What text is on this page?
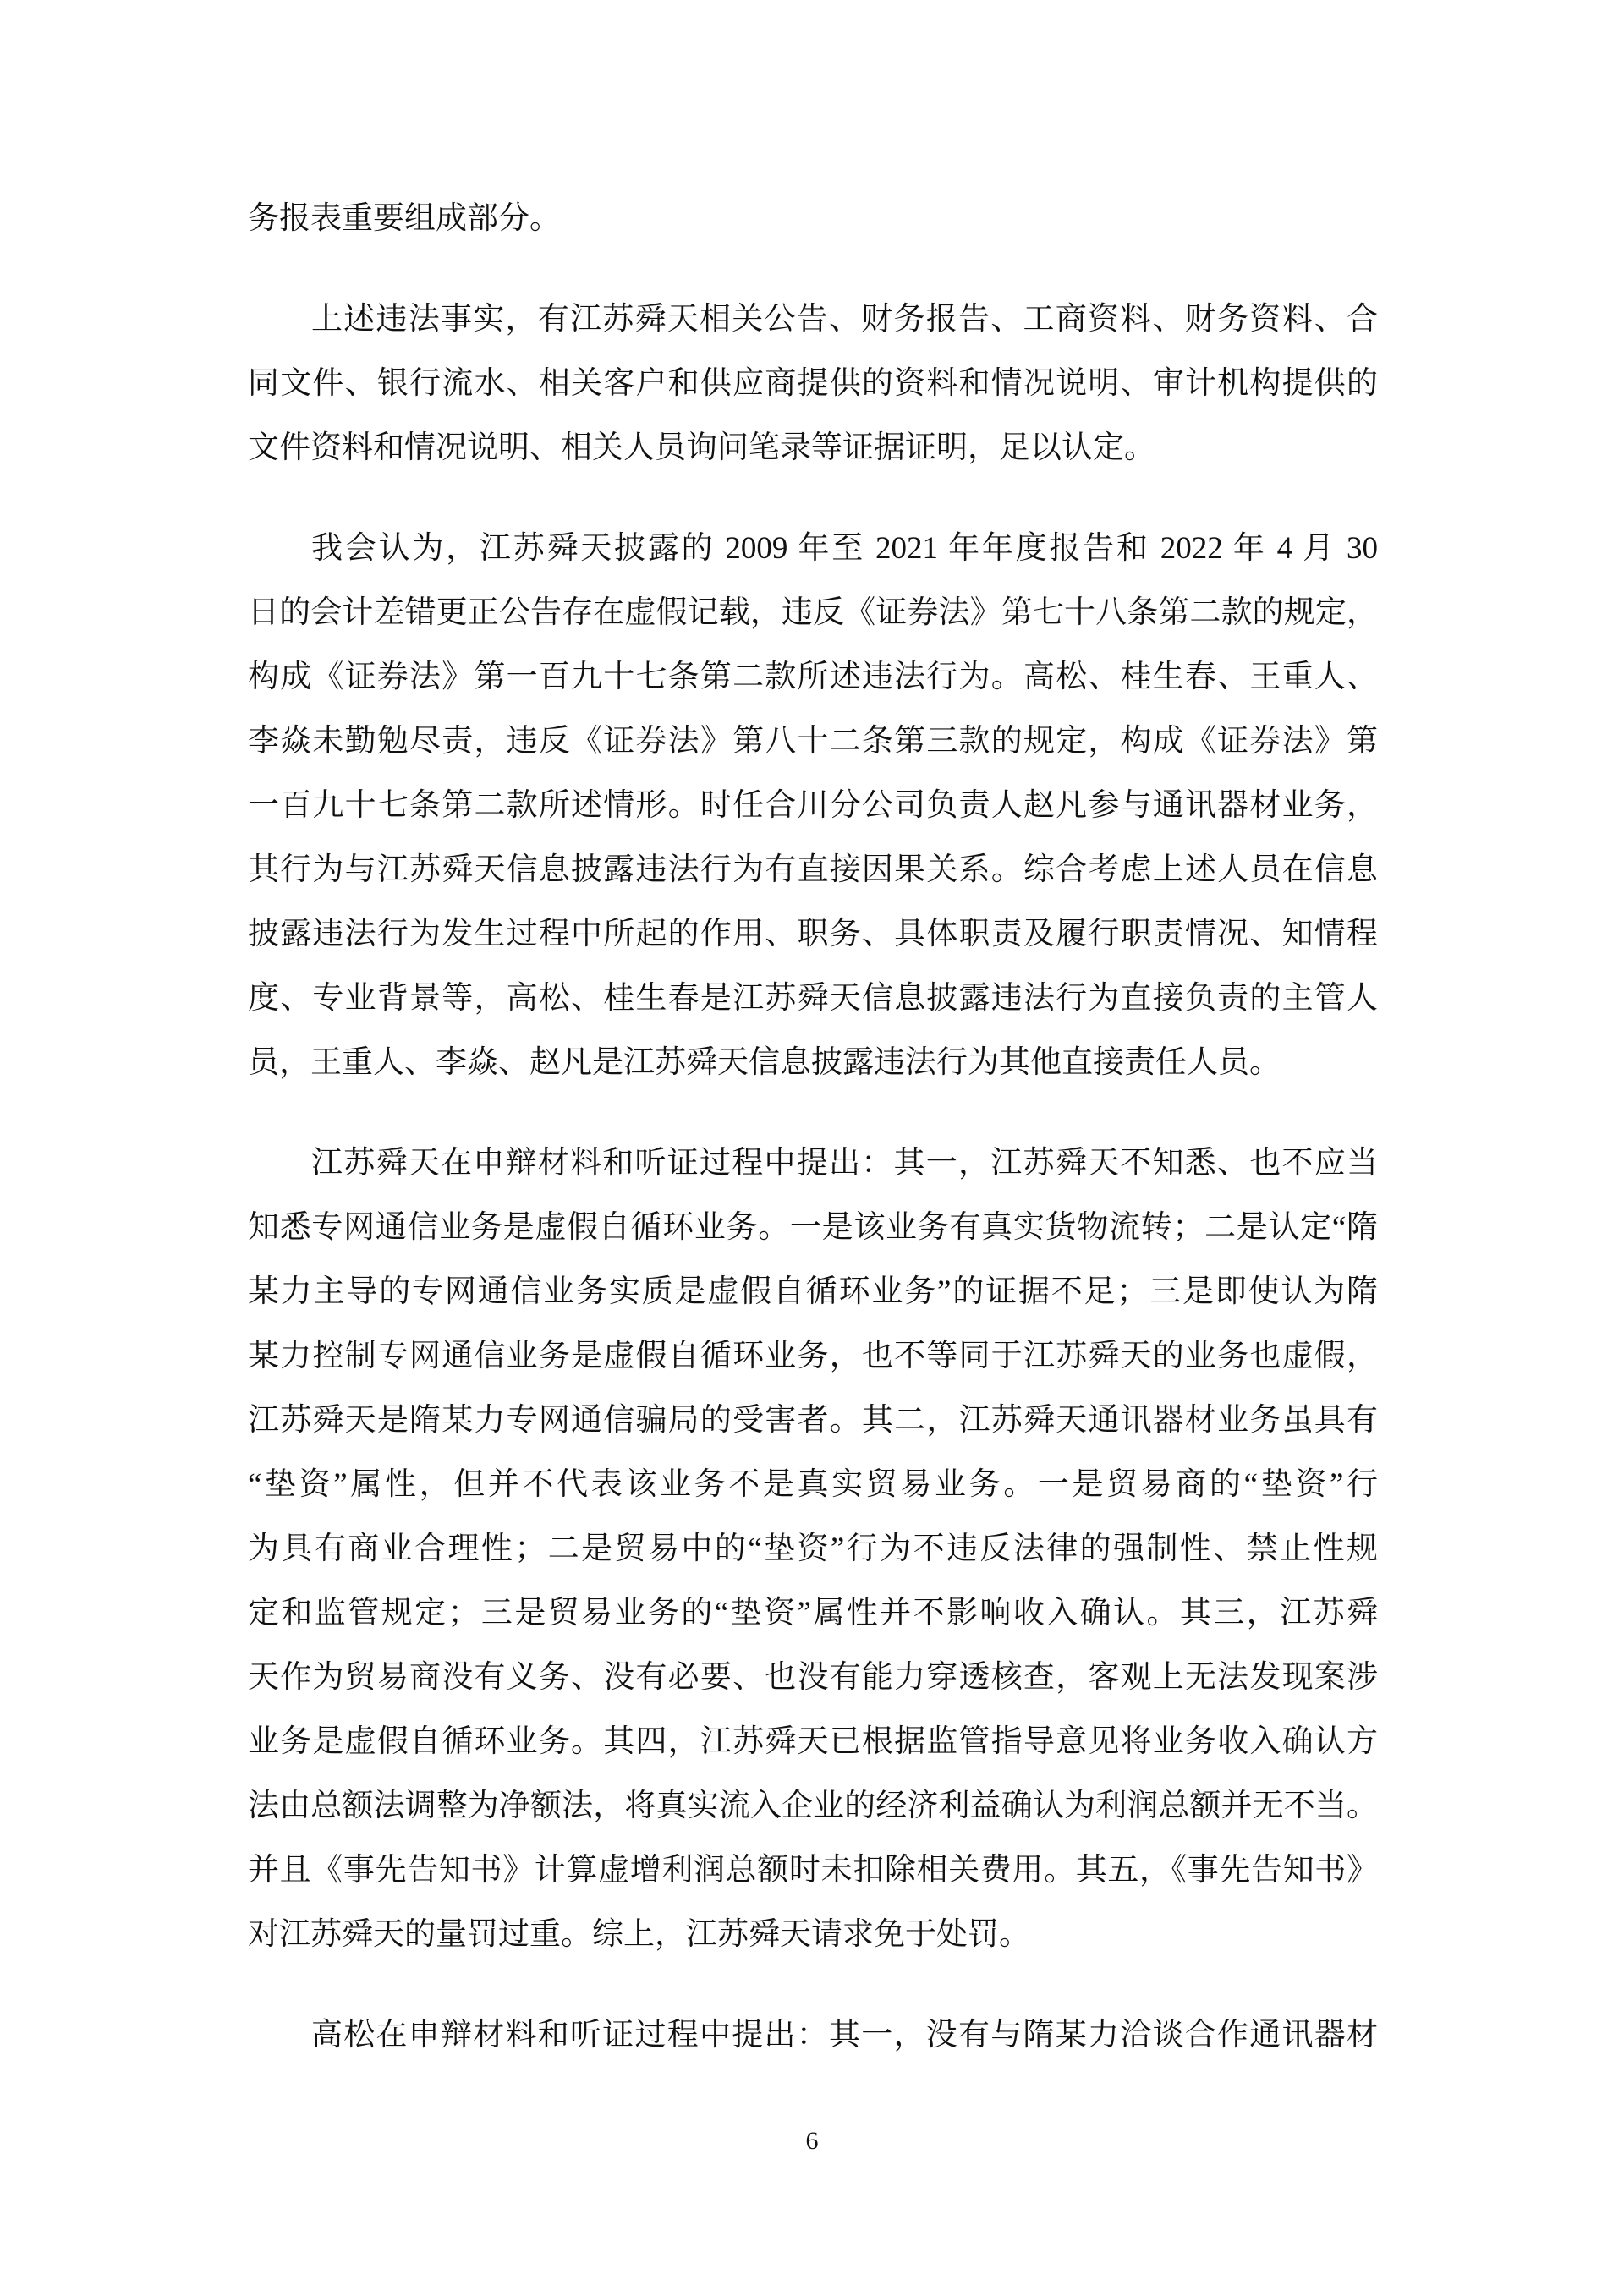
务报表重要组成部分。
上述违法事实，有江苏舜天相关公告、财务报告、工商资料、财务资料、合
同文件、银行流水、相关客户和供应商提供的资料和情况说明、审计机构提供的
文件资料和情况说明、相关人员询问笔录等证据证明，足以认定。
我会认为，江苏舜天披露的 2009 年至 2021 年年度报告和 2022 年 4 月 30
日的会计差错更正公告存在虚假记载，违反《证券法》第七十八条第二款的规定，
构成《证券法》第一百九十七条第二款所述违法行为。高松、桂生春、王重人、
李焱未勤勉尽责，违反《证券法》第八十二条第三款的规定，构成《证券法》第
一百九十七条第二款所述情形。时任合川分公司负责人赵凡参与通讯器材业务，
其行为与江苏舜天信息披露违法行为有直接因果关系。综合考虑上述人员在信息
披露违法行为发生过程中所起的作用、职务、具体职责及履行职责情况、知情程
度、专业背景等，高松、桂生春是江苏舜天信息披露违法行为直接负责的主管人
员，王重人、李焱、赵凡是江苏舜天信息披露违法行为其他直接责任人员。
江苏舜天在申辩材料和听证过程中提出：其一，江苏舜天不知悉、也不应当
知悉专网通信业务是虚假自循环业务。一是该业务有真实货物流转；二是认定“隋
某力主导的专网通信业务实质是虚假自循环业务”的证据不足；三是即使认为隋
某力控制专网通信业务是虚假自循环业务，也不等同于江苏舜天的业务也虚假，
江苏舜天是隋某力专网通信骗局的受害者。其二，江苏舜天通讯器材业务虽具有
“垫资”属性，但并不代表该业务不是真实贸易业务。一是贸易商的“垫资”行
为具有商业合理性；二是贸易中的“垫资”行为不违反法律的强制性、禁止性规
定和监管规定；三是贸易业务的“垫资”属性并不影响收入确认。其三，江苏舜
天作为贸易商没有义务、没有必要、也没有能力穿透核查，客观上无法发现案涉
业务是虚假自循环业务。其四，江苏舜天已根据监管指导意见将业务收入确认方
法由总额法调整为净额法，将真实流入企业的经济利益确认为利润总额并无不当。
并且《事先告知书》计算虚增利润总额时未扣除相关费用。其五，《事先告知书》
对江苏舜天的量罚过重。综上，江苏舜天请求免于处罚。
高松在申辩材料和听证过程中提出：其一，没有与隋某力洽谈合作通讯器材
6
